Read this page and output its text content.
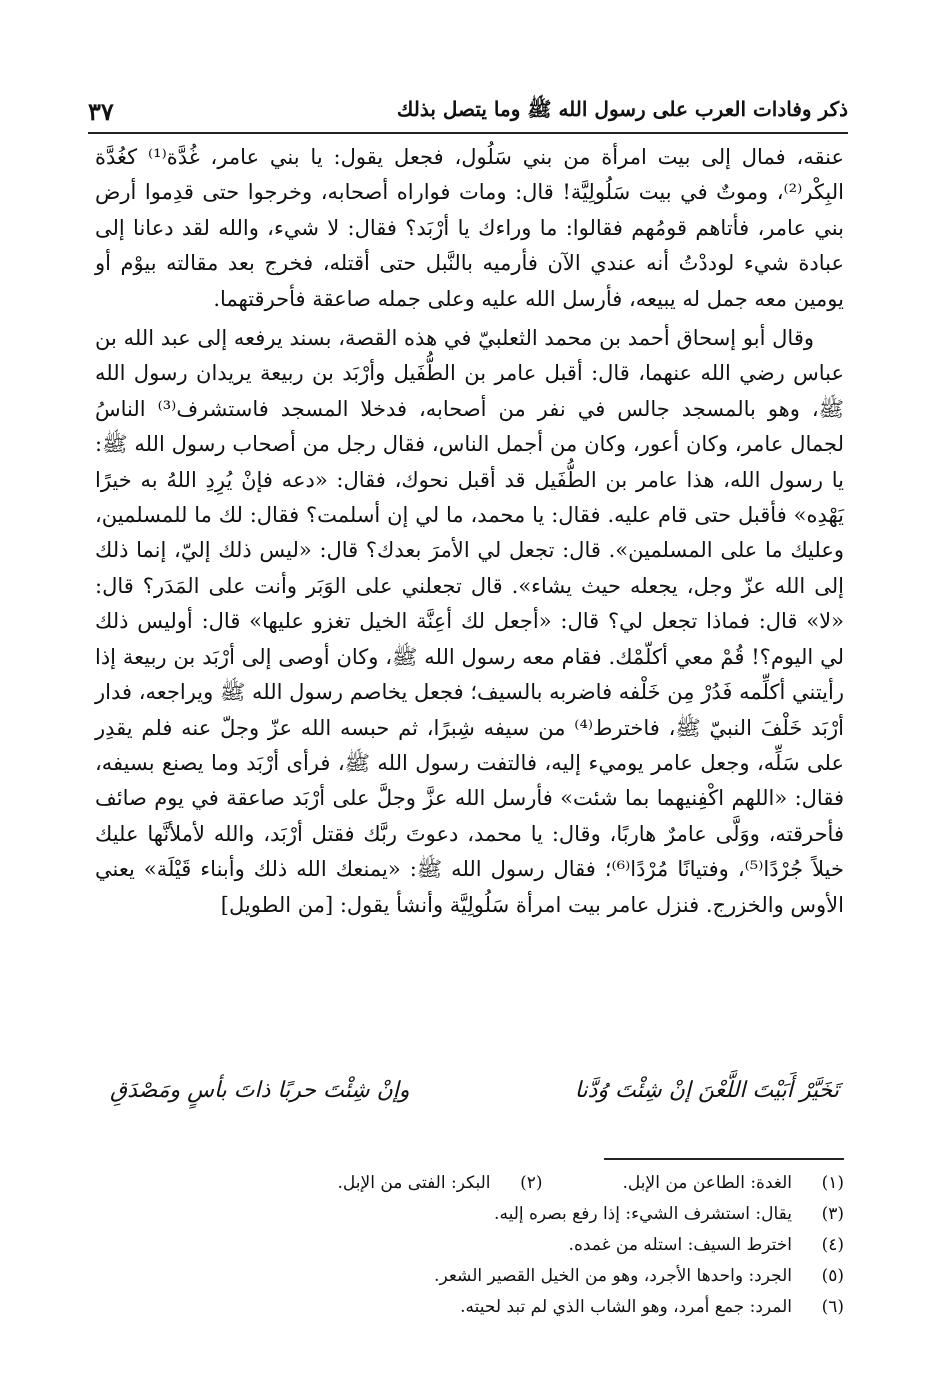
ذكر وفادات العرب على رسول الله ﷺ وما يتصل بذلك
٣٧

عنقه، فمال إلى بيت امرأة من بني سَلُول، فجعل يقول: يا بني عامر، غُدَّة⁽¹⁾ كغُدَّة البِكْر⁽²⁾، وموتٌ في بيت سَلُولِيَّة! قال: ومات فواراه أصحابه، وخرجوا حتى قدِموا أرض بني عامر، فأتاهم قومُهم فقالوا: ما وراءك يا أرْبَد؟ فقال: لا شيء، والله لقد دعانا إلى عبادة شيء لوددْتُ أنه عندي الآن فأرميه بالنَّبل حتى أقتله، فخرج بعد مقالته بيوْم أو يومين معه جمل له يبيعه، فأرسل الله عليه وعلى جمله صاعقة فأحرقتهما.

وقال أبو إسحاق أحمد بن محمد الثعلبيّ في هذه القصة، بسند يرفعه إلى عبد الله بن عباس رضي الله عنهما، قال: أقبل عامر بن الطُّفَيل وأرْبَد بن ربيعة يريدان رسول الله ﷺ، وهو بالمسجد جالس في نفر من أصحابه، فدخلا المسجد فاستشرف⁽³⁾ الناسُ لجمال عامر، وكان أعور، وكان من أجمل الناس، فقال رجل من أصحاب رسول الله ﷺ: يا رسول الله، هذا عامر بن الطُّفَيل قد أقبل نحوك، فقال: «دعه فإنْ يُرِدِ اللهُ به خيرًا يَهْدِه» فأقبل حتى قام عليه. فقال: يا محمد، ما لي إن أسلمت؟ فقال: لك ما للمسلمين، وعليك ما على المسلمين». قال: تجعل لي الأمرَ بعدك؟ قال: «ليس ذلك إليّ، إنما ذلك إلى الله عزّ وجل، يجعله حيث يشاء». قال تجعلني على الوَبَر وأنت على المَدَر؟ قال: «لا» قال: فماذا تجعل لي؟ قال: «أجعل لك أعِنَّة الخيل تغزو عليها» قال: أوليس ذلك لي اليوم؟! قُمْ معي أكلّمْك. فقام معه رسول الله ﷺ، وكان أوصى إلى أرْبَد بن ربيعة إذا رأيتني أكلِّمه فَدُرْ مِن خَلْفه فاضربه بالسيف؛ فجعل يخاصم رسول الله ﷺ ويراجعه، فدار أرْبَد خَلْفَ النبيّ ﷺ، فاخترط⁽⁴⁾ من سيفه شِبرًا، ثم حبسه الله عزّ وجلّ عنه فلم يقدِر على سَلِّه، وجعل عامر يوميء إليه، فالتفت رسول الله ﷺ، فرأى أرْبَد وما يصنع بسيفه، فقال: «اللهم اكْفِنيهما بما شئت» فأرسل الله عزَّ وجلَّ على أرْبَد صاعقة في يوم صائف فأحرقته، ووَلَّى عامرٌ هاربًا، وقال: يا محمد، دعوتَ ربَّك فقتل أرْبَد، والله لأملأنَّها عليك خيلاً جُرْدًا⁽⁵⁾، وفتيانًا مُرْدًا⁽⁶⁾؛ فقال رسول الله ﷺ: «يمنعك الله ذلك وأبناء قَيْلَة» يعني الأوس والخزرج. فنزل عامر بيت امرأة سَلُولِيَّة وأنشأ يقول: [من الطويل]

تَخَيَّرْ أَبَيْتَ اللَّعْنَ إنْ شِئْتَ وُدَّنا
وإنْ شِئْتَ حربًا ذاتَ بأسٍ ومَصْدَقِ
(١)
الغدة: الطاعن من الإبل.
(٢)
البكر: الفتى من الإبل.
(٣)
يقال: استشرف الشيء: إذا رفع بصره إليه.
(٤)
اخترط السيف: استله من غمده.
(٥)
الجرد: واحدها الأجرد، وهو من الخيل القصير الشعر.
(٦)
المرد: جمع أمرد، وهو الشاب الذي لم تبد لحيته.
